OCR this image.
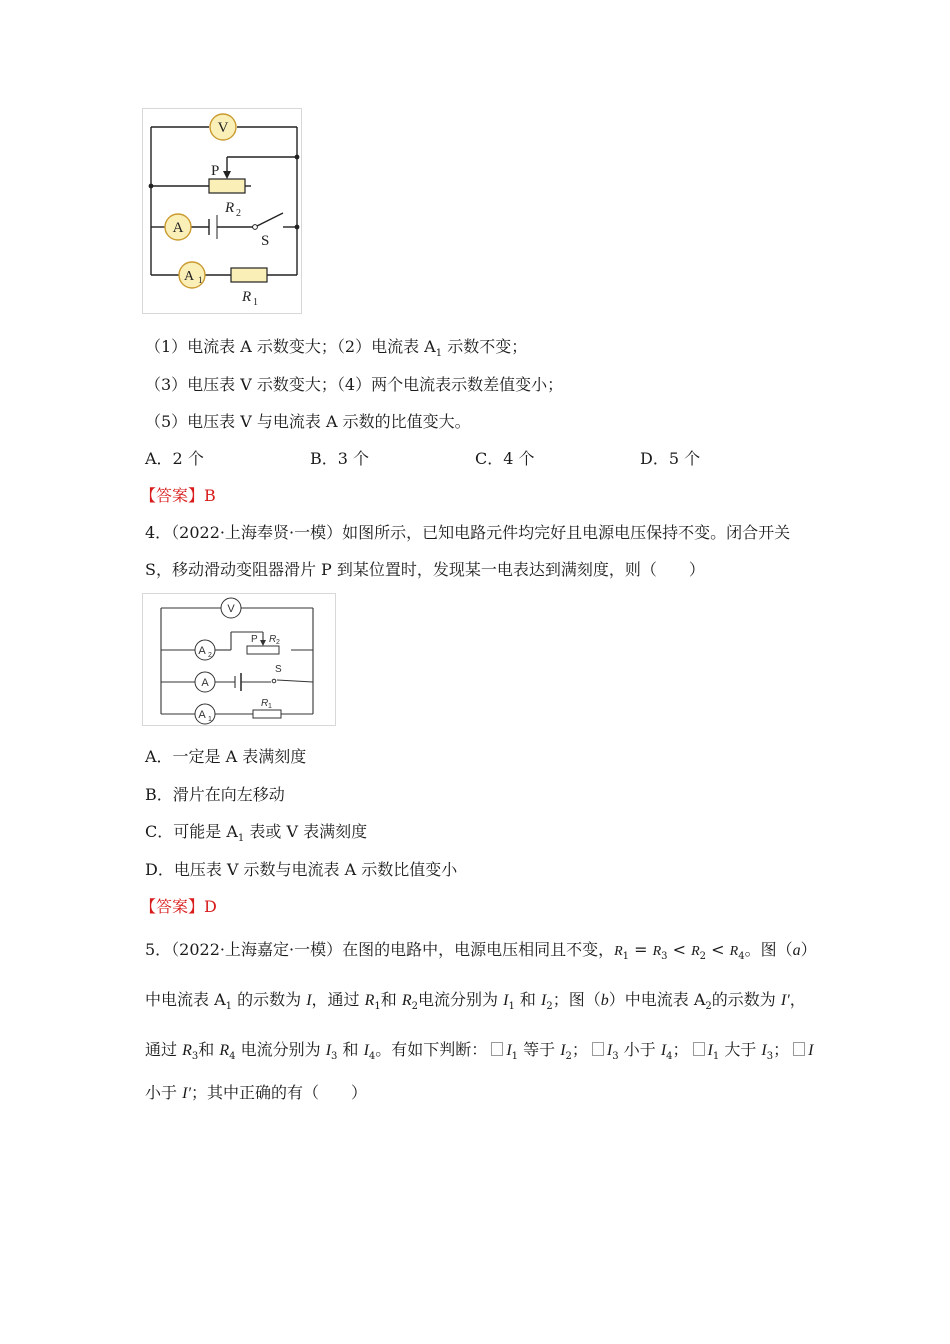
V
P
R 2
A
S
A 1
R 1
（1）电流表 A 示数变大；（2）电流表 $A_1$ 示数不变；
（3）电压表 V 示数变大；（4）两个电流表示数差值变小；
（5）电压表 V 与电流表 A 示数的比值变大。
A．2 个	B．3 个	C．4 个	D．5 个
【答案】B
4．（2022·上海奉贤·一模）如图所示，已知电路元件均完好且电源电压保持不变。闭合开关
S，移动滑动变阻器滑片 P 到某位置时，发现某一电表达到满刻度，则（　　）
V
A 2
P R 2
S
A
A 1
R 1
A．一定是 A 表满刻度
B．滑片在向左移动
C．可能是 $A_1$ 表或 V 表满刻度
D．电压表 V 示数与电流表 A 示数比值变小
【答案】D
5．（2022·上海嘉定·一模）在图的电路中，电源电压相同且不变，$R_1 = R_3 < R_2 < R_4$。图（a）
中电流表 $A_1$ 的示数为 I，通过 $R_1$和 $R_2$电流分别为 $I_1$ 和 $I_2$；图（b）中电流表 $A_2$的示数为 I′，
通过 $R_3$和 $R_4$ 电流分别为 $I_3$ 和 $I_4$。有如下判断： $I_1$ 等于 $I_2$； $I_3$ 小于 $I_4$； $I_1$ 大于 $I_3$； I
小于 I′；其中正确的有（　　）
